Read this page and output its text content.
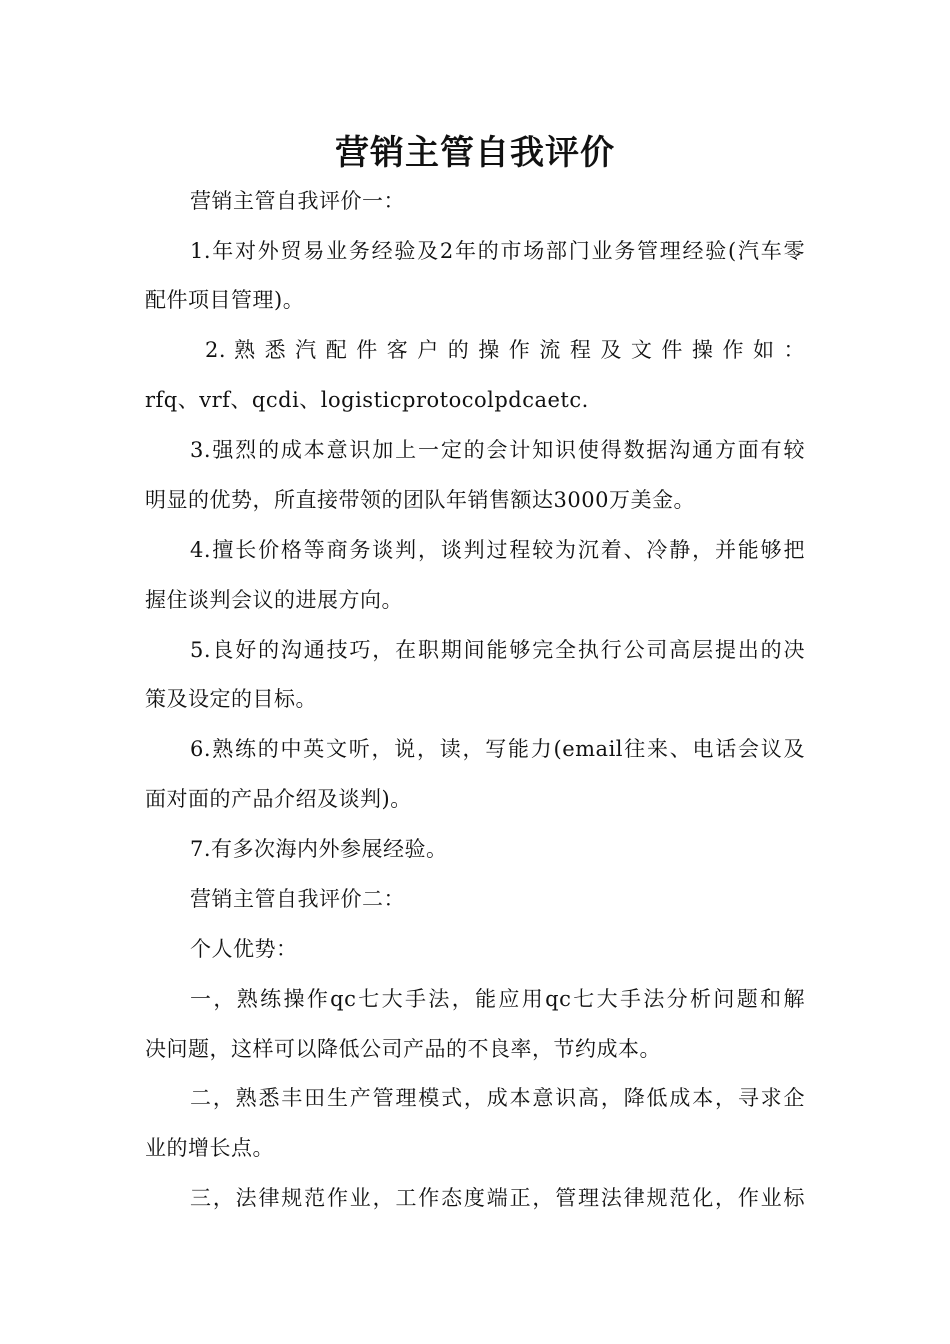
营销主管自我评价
营销主管自我评价一：
1.年对外贸易业务经验及2年的市场部门业务管理经验(汽车零
配件项目管理)。
2. 熟 悉 汽 配 件 客 户 的 操 作 流 程 及 文 件 操 作 如 ：
rfq、vrf、qcdi、logisticprotocolpdcaetc.
3.强烈的成本意识加上一定的会计知识使得数据沟通方面有较
明显的优势，所直接带领的团队年销售额达3000万美金。
4.擅长价格等商务谈判，谈判过程较为沉着、冷静，并能够把
握住谈判会议的进展方向。
5.良好的沟通技巧，在职期间能够完全执行公司高层提出的决
策及设定的目标。
6.熟练的中英文听，说，读，写能力(email往来、电话会议及
面对面的产品介绍及谈判)。
7.有多次海内外参展经验。
营销主管自我评价二：
个人优势：
一，熟练操作qc七大手法，能应用qc七大手法分析问题和解
决问题，这样可以降低公司产品的不良率，节约成本。
二，熟悉丰田生产管理模式，成本意识高，降低成本，寻求企
业的增长点。
三，法律规范作业，工作态度端正，管理法律规范化，作业标
